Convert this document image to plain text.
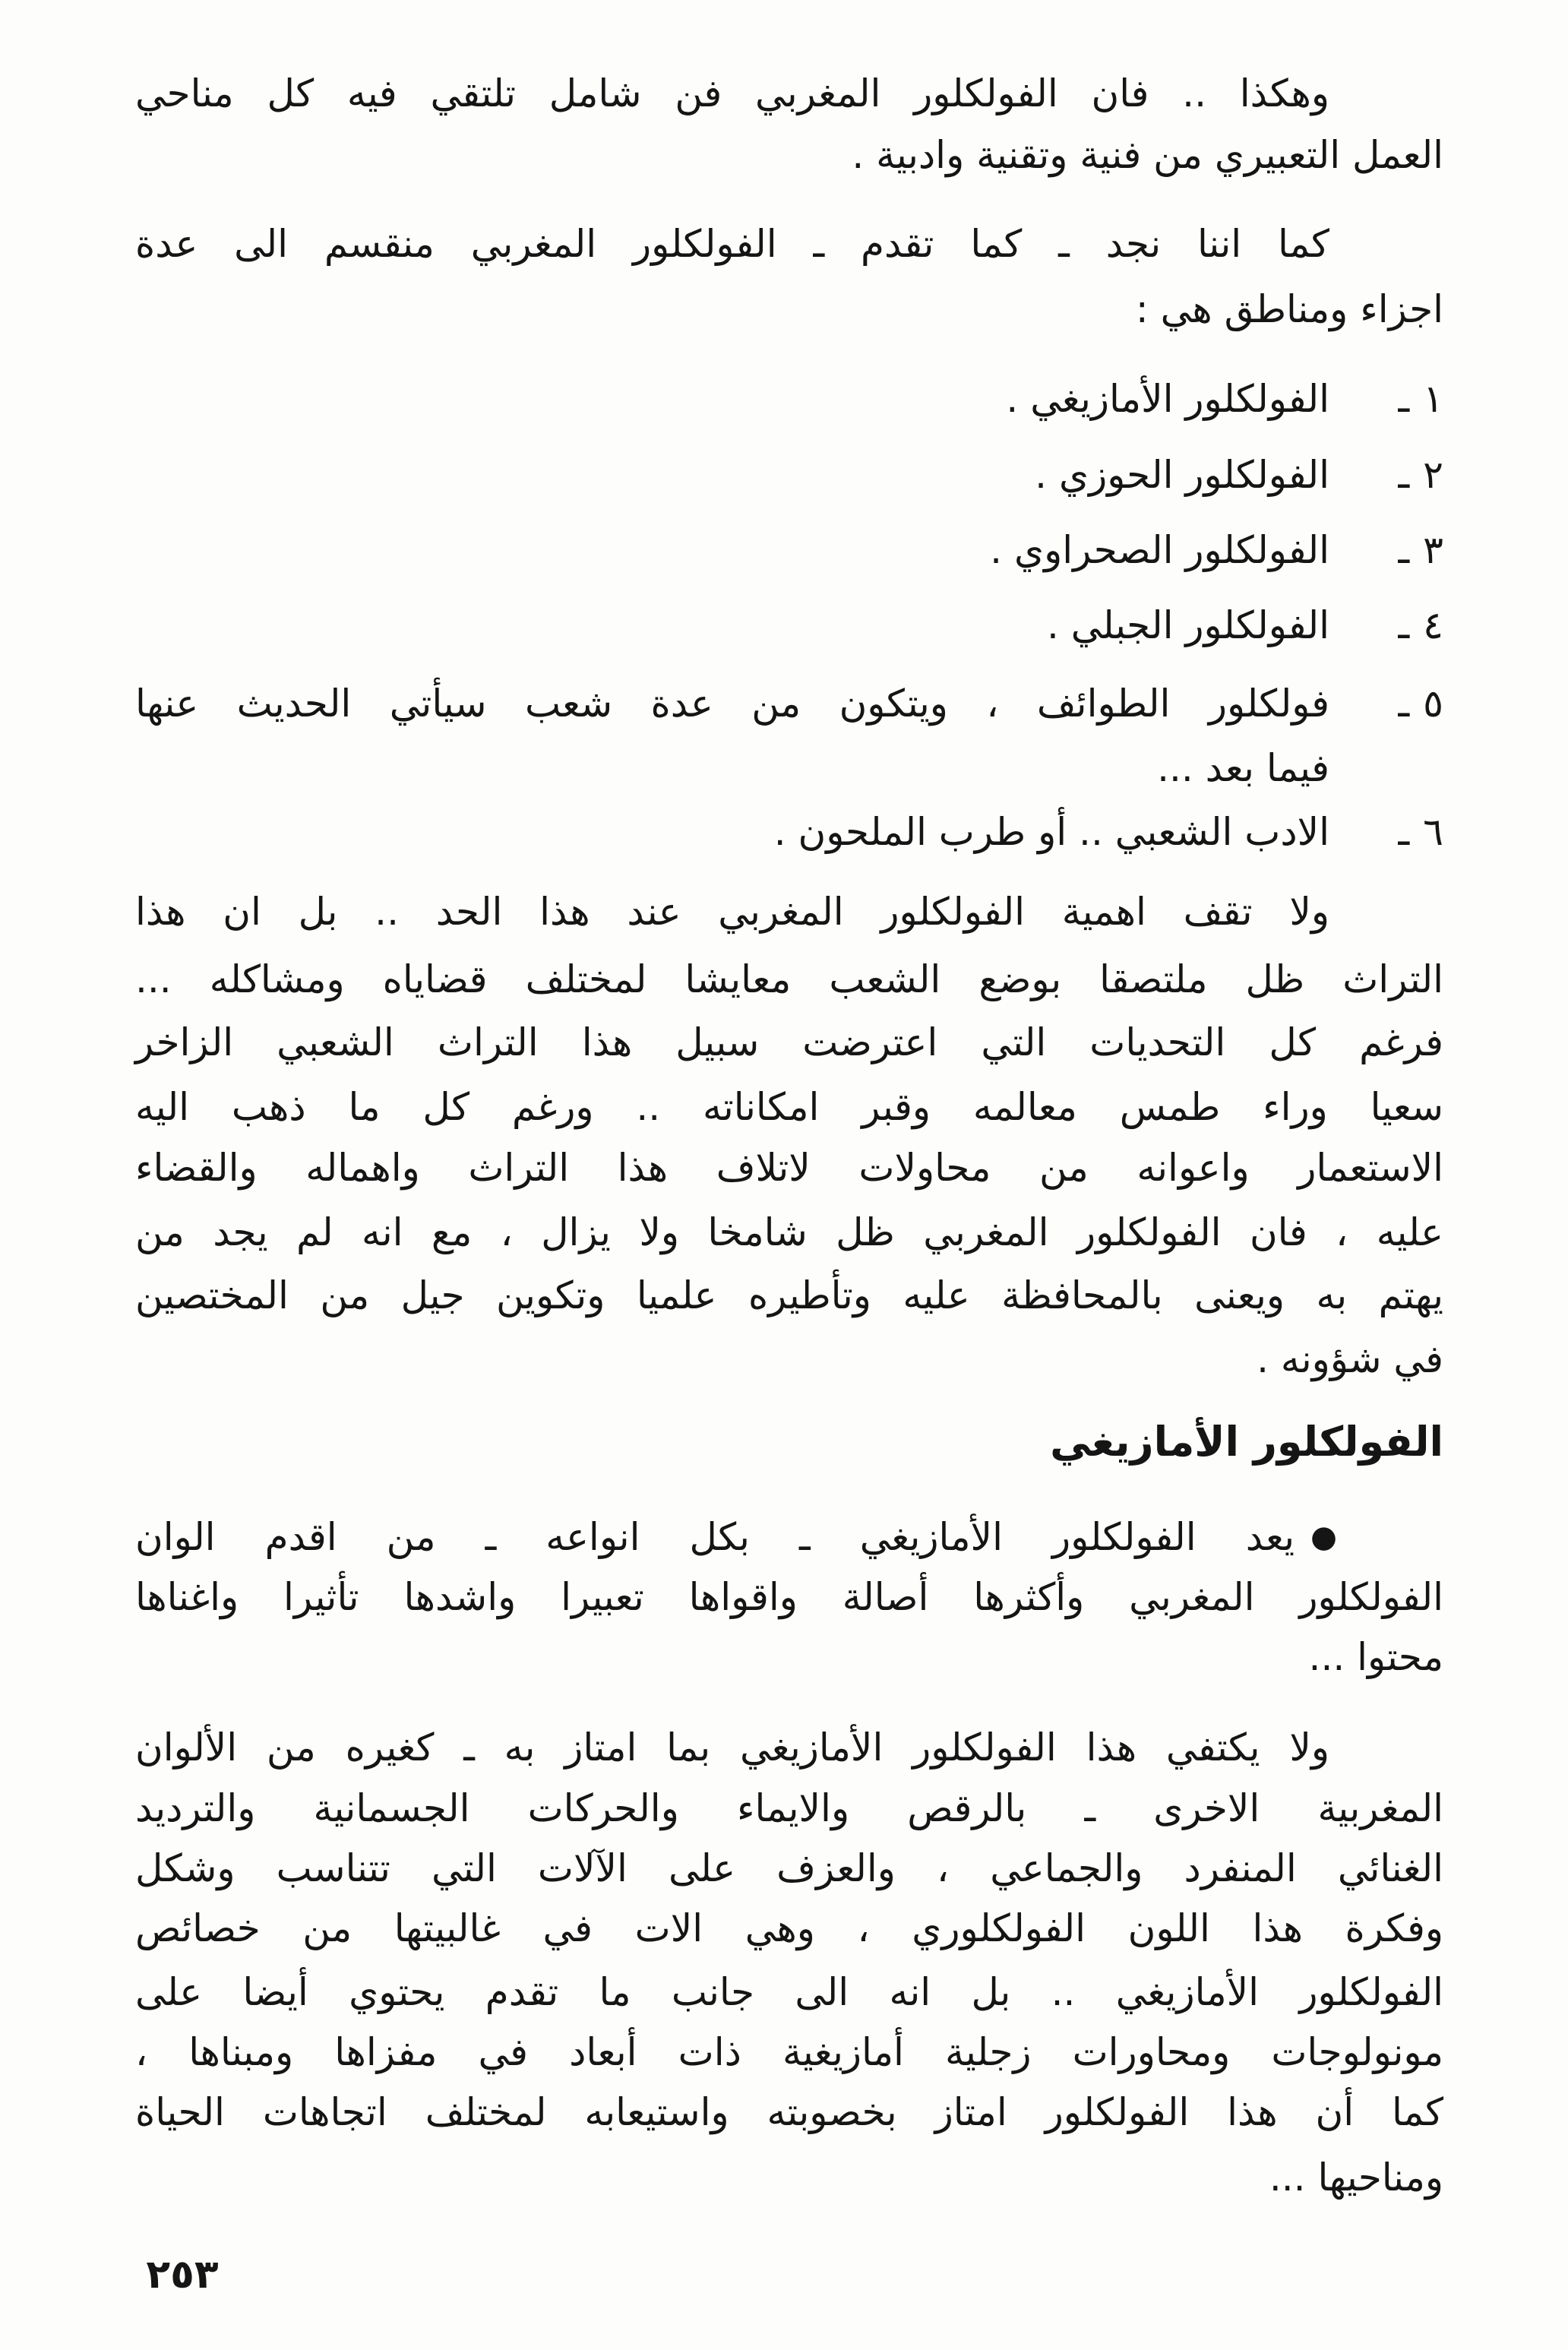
وهكذا .. فان الفولكلور المغربي فن شامل تلتقي فيه كل مناحي
العمل التعبيري من فنية وتقنية وادبية .
كما اننا نجد ـ كما تقدم ـ الفولكلور المغربي منقسم الى عدة
اجزاء ومناطق هي :
١ـ
الفولكلور الأمازيغي .
٢ـ
الفولكلور الحوزي .
٣ـ
الفولكلور الصحراوي .
٤ـ
الفولكلور الجبلي .
٥ـ
فولكلور الطوائف ، ويتكون من عدة شعب سيأتي الحديث عنها
فيما بعد ...
٦ـ
الادب الشعبي .. أو طرب الملحون .
ولا تقف اهمية الفولكلور المغربي عند هذا الحد .. بل ان هذا
التراث ظل ملتصقا بوضع الشعب معايشا لمختلف قضاياه ومشاكله ...
فرغم كل التحديات التي اعترضت سبيل هذا التراث الشعبي الزاخر
سعيا وراء طمس معالمه وقبر امكاناته .. ورغم كل ما ذهب اليه
الاستعمار واعوانه من محاولات لاتلاف هذا التراث واهماله والقضاء
عليه ، فان الفولكلور المغربي ظل شامخا ولا يزال ، مع انه لم يجد من
يهتم به ويعنى بالمحافظة عليه وتأطيره علميا وتكوين جيل من المختصين
في شؤونه .
الفولكلور الأمازيغي
●
يعد الفولكلور الأمازيغي ـ بكل انواعه ـ من اقدم الوان
الفولكلور المغربي وأكثرها أصالة واقواها تعبيرا واشدها تأثيرا واغناها
محتوا ...
ولا يكتفي هذا الفولكلور الأمازيغي بما امتاز به ـ كغيره من الألوان
المغربية الاخرى ـ بالرقص والايماء والحركات الجسمانية والترديد
الغنائي المنفرد والجماعي ، والعزف على الآلات التي تتناسب وشكل
وفكرة هذا اللون الفولكلوري ، وهي الات في غالبيتها من خصائص
الفولكلور الأمازيغي .. بل انه الى جانب ما تقدم يحتوي أيضا على
مونولوجات ومحاورات زجلية أمازيغية ذات أبعاد في مفزاها ومبناها ،
كما أن هذا الفولكلور امتاز بخصوبته واستيعابه لمختلف اتجاهات الحياة
ومناحيها ...
٢٥٣
